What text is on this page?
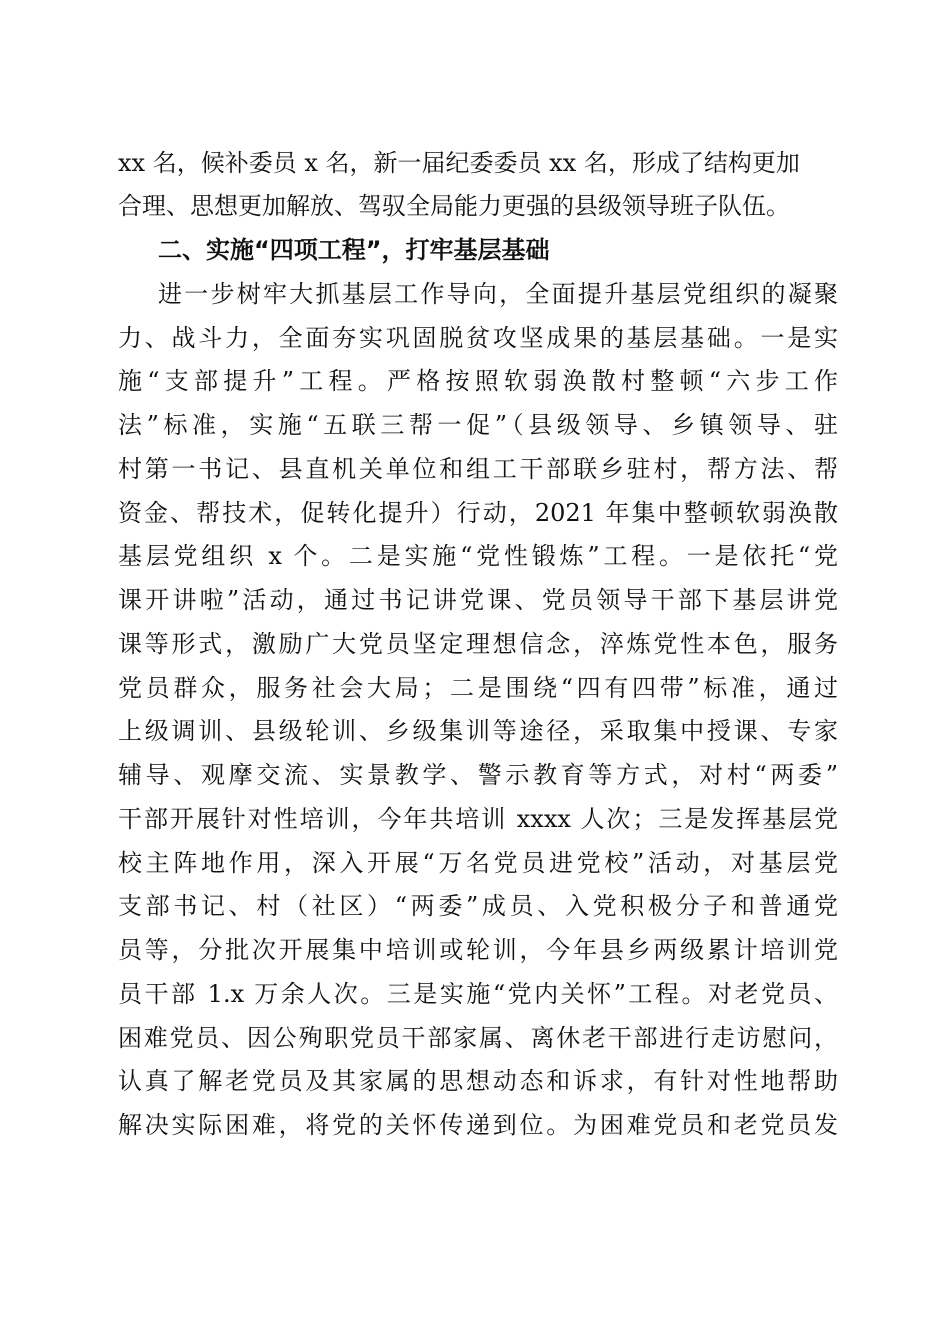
xx 名，候补委员 x 名，新一届纪委委员 xx 名，形成了结构更加
合理、思想更加解放、驾驭全局能力更强的县级领导班子队伍。
二、实施“四项工程”，打牢基层基础
进一步树牢大抓基层工作导向，全面提升基层党组织的凝聚
力、战斗力，全面夯实巩固脱贫攻坚成果的基层基础。一是实
施“支部提升”工程。严格按照软弱涣散村整顿“六步工作
法”标准，实施“五联三帮一促”（县级领导、乡镇领导、驻
村第一书记、县直机关单位和组工干部联乡驻村，帮方法、帮
资金、帮技术，促转化提升）行动，2021 年集中整顿软弱涣散
基层党组织 x 个。二是实施“党性锻炼”工程。一是依托“党
课开讲啦”活动，通过书记讲党课、党员领导干部下基层讲党
课等形式，激励广大党员坚定理想信念，淬炼党性本色，服务
党员群众，服务社会大局；二是围绕“四有四带”标准，通过
上级调训、县级轮训、乡级集训等途径，采取集中授课、专家
辅导、观摩交流、实景教学、警示教育等方式，对村“两委”
干部开展针对性培训，今年共培训 xxxx 人次；三是发挥基层党
校主阵地作用，深入开展“万名党员进党校”活动，对基层党
支部书记、村（社区）“两委”成员、入党积极分子和普通党
员等，分批次开展集中培训或轮训，今年县乡两级累计培训党
员干部 1.x 万余人次。三是实施“党内关怀”工程。对老党员、
困难党员、因公殉职党员干部家属、离休老干部进行走访慰问，
认真了解老党员及其家属的思想动态和诉求，有针对性地帮助
解决实际困难，将党的关怀传递到位。为困难党员和老党员发
